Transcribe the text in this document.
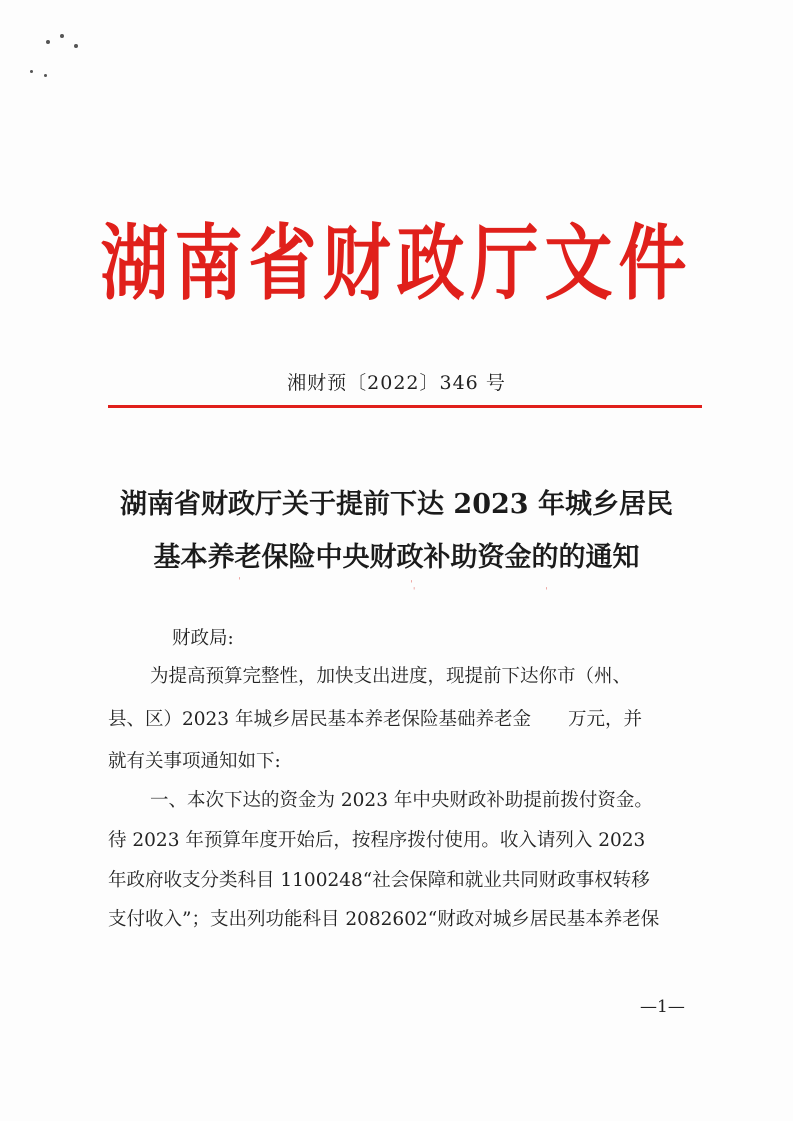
湖南省财政厅文件
湘财预〔2022〕346 号
湖南省财政厅关于提前下达 2023 年城乡居民
基本养老保险中央财政补助资金的的通知
ˈ	ˈˌ	ˌ
财政局:
为提高预算完整性，加快支出进度，现提前下达你市（州、
县、区）2023 年城乡居民基本养老保险基础养老金　　万元，并
就有关事项通知如下:
一、本次下达的资金为 2023 年中央财政补助提前拨付资金。
待 2023 年预算年度开始后，按程序拨付使用。收入请列入 2023
年政府收支分类科目 1100248“社会保障和就业共同财政事权转移
支付收入”；支出列功能科目 2082602“财政对城乡居民基本养老保
—1—
